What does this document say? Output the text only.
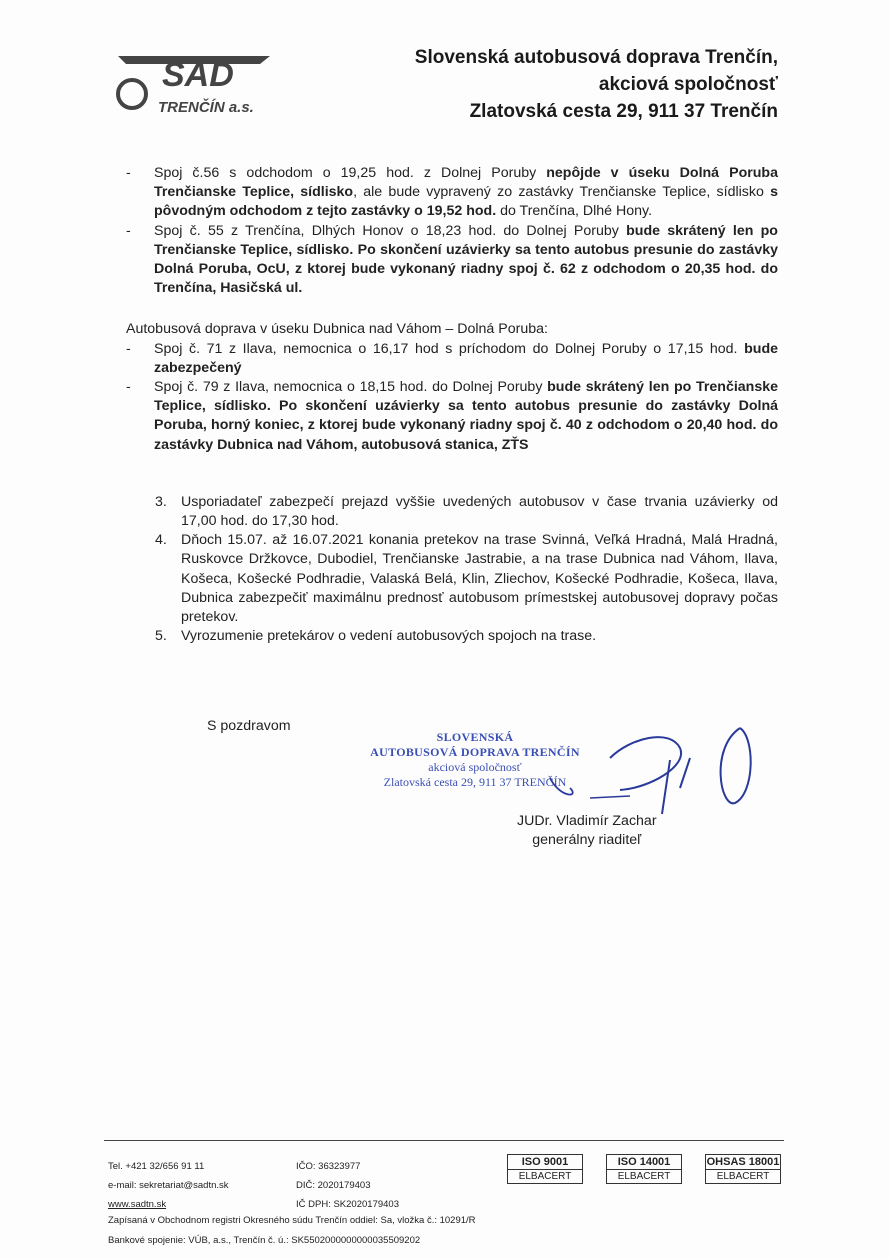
SAD
TRENČÍN a.s.
Slovenská autobusová doprava Trenčín,
akciová spoločnosť
Zlatovská cesta 29, 911 37 Trenčín
- Spoj č.56 s odchodom o 19,25 hod. z Dolnej Poruby nepôjde v úseku Dolná Poruba Trenčianske Teplice, sídlisko, ale bude vypravený zo zastávky Trenčianske Teplice, sídlisko s pôvodným odchodom z tejto zastávky o 19,52 hod. do Trenčína, Dlhé Hony.
- Spoj č. 55 z Trenčína, Dlhých Honov o 18,23 hod. do Dolnej Poruby bude skrátený len po Trenčianske Teplice, sídlisko. Po skončení uzávierky sa tento autobus presunie do zastávky Dolná Poruba, OcU, z ktorej bude vykonaný riadny spoj č. 62 z odchodom o 20,35 hod. do Trenčína, Hasičská ul.
Autobusová doprava v úseku Dubnica nad Váhom – Dolná Poruba:
- Spoj č. 71 z Ilava, nemocnica o 16,17 hod s príchodom do Dolnej Poruby o 17,15 hod. bude zabezpečený
- Spoj č. 79 z Ilava, nemocnica o 18,15 hod. do Dolnej Poruby bude skrátený len po Trenčianske Teplice, sídlisko. Po skončení uzávierky sa tento autobus presunie do zastávky Dolná Poruba, horný koniec, z ktorej bude vykonaný riadny spoj č. 40 z odchodom o 20,40 hod. do zastávky Dubnica nad Váhom, autobusová stanica, ZŤS
3. Usporiadateľ zabezpečí prejazd vyššie uvedených autobusov v čase trvania uzávierky od 17,00 hod. do 17,30 hod.
4. Dňoch 15.07. až 16.07.2021 konania pretekov na trase Svinná, Veľká Hradná, Malá Hradná, Ruskovce Držkovce, Dubodiel, Trenčianske Jastrabie, a na trase Dubnica nad Váhom, Ilava, Košeca, Košecké Podhradie, Valaská Belá, Klin, Zliechov, Košecké Podhradie, Košeca, Ilava, Dubnica zabezpečiť maximálnu prednosť autobusom prímestskej autobusovej dopravy počas pretekov.
5. Vyrozumenie pretekárov o vedení autobusových spojoch na trase.
S pozdravom
SLOVENSKÁ
AUTOBUSOVÁ DOPRAVA TRENČÍN
akciová spoločnosť
Zlatovská cesta 29, 911 37 TRENČÍN
JUDr. Vladimír Zachar
generálny riaditeľ
Tel. +421 32/656 91 11
e-mail: sekretariat@sadtn.sk
www.sadtn.sk
IČO: 36323977
DIČ: 2020179403
IČ DPH: SK2020179403
Zapísaná v Obchodnom registri Okresného súdu Trenčín oddiel: Sa, vložka č.: 10291/R
Bankové spojenie: VÚB, a.s., Trenčín č. ú.: SK5502000000000035509202
ISO 9001
ELBACERT
ISO 14001
ELBACERT
OHSAS 18001
ELBACERT
